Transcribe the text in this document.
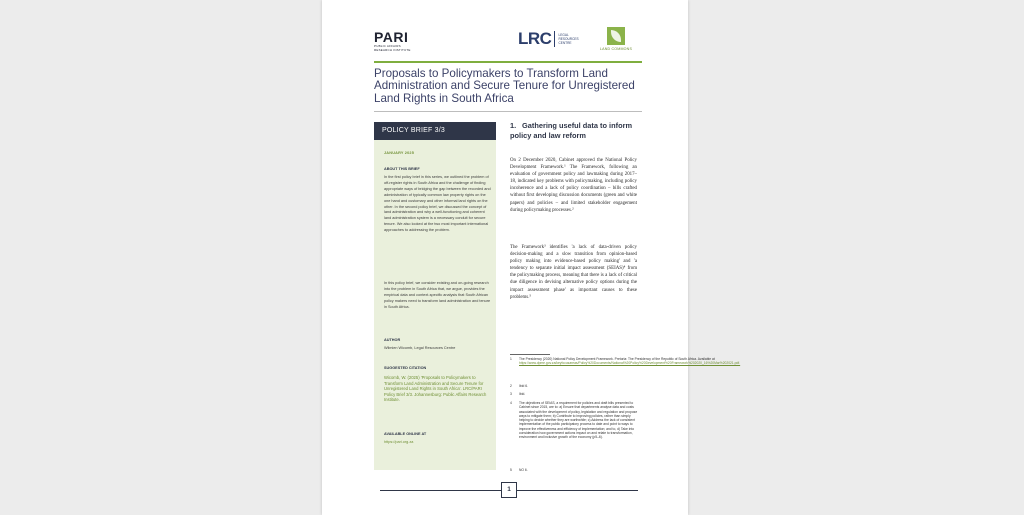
PARI
PUBLIC AFFAIRS RESEARCH INSTITUTE
LRC LEGAL RESOURCES CENTRE
LAND COMMONS
Proposals to Policymakers to Transform Land Administration and Secure Tenure for Unregistered Land Rights in South Africa
POLICY BRIEF 3/3
JANUARY 2025
ABOUT THIS BRIEF
In the first policy brief in this series, we outlined the problem of off-register rights in South Africa and the challenge of finding appropriate ways of bridging the gap between the recorded and administration of typically common law property rights on the one hand and customary and other informal land rights on the other. In the second policy brief, we discussed the concept of land administration and why a well-functioning and coherent land administration system is a necessary conduit for secure tenure. We also looked at the two most important international approaches to addressing the problem.
In this policy brief, we consider existing and on-going research into the problem in South Africa that, we argue, provides the empirical data and context-specific analysis that South African policy makers need to transform land administration and tenure in South Africa.
AUTHOR
Wilmien Wicomb, Legal Resources Centre
SUGGESTED CITATION
Wicomb, W. (2025) 'Proposals to Policymakers to Transform Land Administration and Secure Tenure for Unregistered Land Rights in South Africa'. LRC/PARI Policy Brief 3/3. Johannesburg: Public Affairs Research Institute.
AVAILABLE ONLINE AT
https://pari.org.za
1. Gathering useful data to inform policy and law reform
On 2 December 2020, Cabinet approved the National Policy Development Framework.¹ The Framework, following an evaluation of government policy and lawmaking during 2017–18, indicated key problems with policymaking, including policy incoherence and a lack of policy coordination – bills crafted without first developing discussion documents (green and white papers) and policies – and limited stakeholder engagement during policymaking processes.²
The Framework³ identifies 'a lack of data-driven policy decision-making and a slow transition from opinion-based policy making into evidence-based policy making' and 'a tendency to separate initial impact assessment (SEIAS)⁴ from the policymaking process, meaning that there is a lack of critical due diligence in devising alternative policy options during the impact assessment phase' as important causes to these problems.⁵
1	The Presidency (2020) National Policy Development Framework. Pretoria: The Presidency of the Republic of South Africa. Available at https://www.dpme.gov.za/keyfocusareas/Policy%20Documents/National%20Policy%20Development%20Framework%202020_16%20Mar%202021.pdf.
2	Ibid 6.
3	Ibid.
4	The objectives of SEIAS, a requirement for policies and draft bills presented to Cabinet since 2015, are to: a) Ensure that departments analyse data and costs associated with the development of policy, legislation and regulation and propose ways to mitigate them; b) Contribute to improving policies, rather than simply helping to decide whether they are worthwhile; c) Address the lack of consistent implementation of the public participatory process to date and point to ways to improve the effectiveness and efficiency of implementation; and to, d) Take into consideration how government actions impact on and relate to transformation, environment and inclusive growth of the economy (p5–6).
5	NO 6.
1
